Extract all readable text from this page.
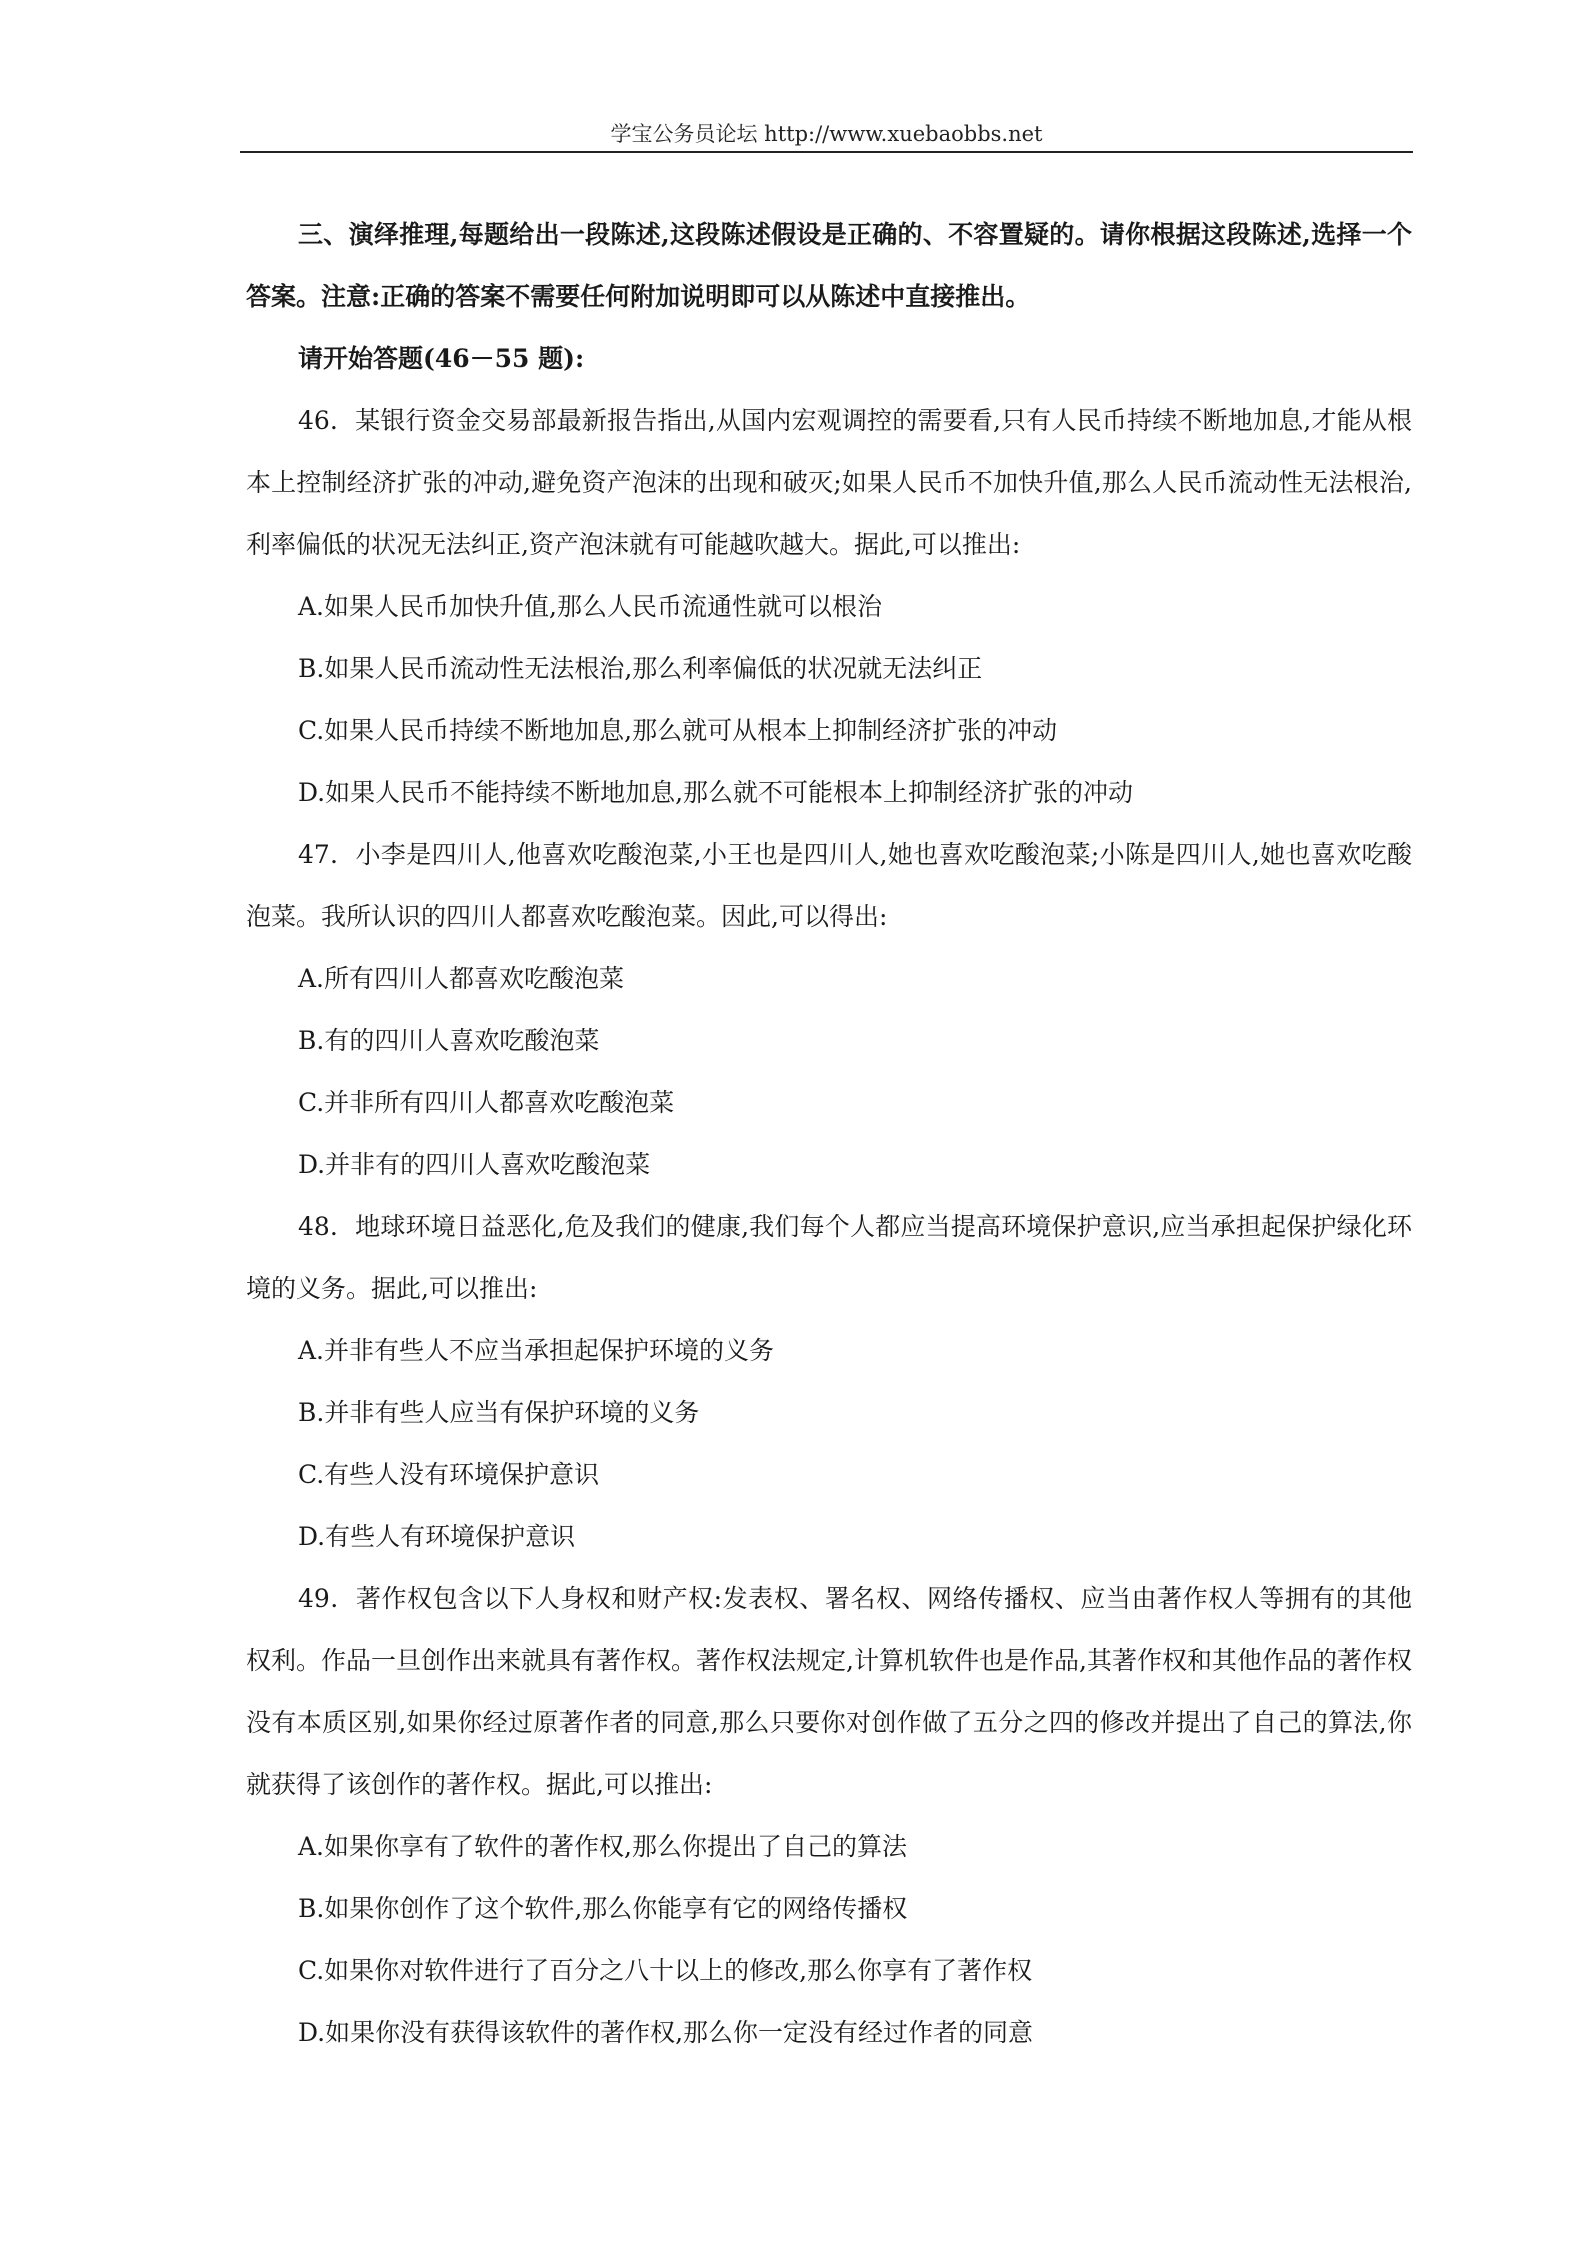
学宝公务员论坛 http://www.xuebaobbs.net

三、演绎推理,每题给出一段陈述,这段陈述假设是正确的、不容置疑的。请你根据这段陈述,选择一个答案。注意:正确的答案不需要任何附加说明即可以从陈述中直接推出。

请开始答题(46－55 题):

46．某银行资金交易部最新报告指出,从国内宏观调控的需要看,只有人民币持续不断地加息,才能从根本上控制经济扩张的冲动,避免资产泡沫的出现和破灭;如果人民币不加快升值,那么人民币流动性无法根治,利率偏低的状况无法纠正,资产泡沫就有可能越吹越大。据此,可以推出:

A.如果人民币加快升值,那么人民币流通性就可以根治

B.如果人民币流动性无法根治,那么利率偏低的状况就无法纠正

C.如果人民币持续不断地加息,那么就可从根本上抑制经济扩张的冲动

D.如果人民币不能持续不断地加息,那么就不可能根本上抑制经济扩张的冲动

47．小李是四川人,他喜欢吃酸泡菜,小王也是四川人,她也喜欢吃酸泡菜;小陈是四川人,她也喜欢吃酸泡菜。我所认识的四川人都喜欢吃酸泡菜。因此,可以得出:

A.所有四川人都喜欢吃酸泡菜

B.有的四川人喜欢吃酸泡菜

C.并非所有四川人都喜欢吃酸泡菜

D.并非有的四川人喜欢吃酸泡菜

48．地球环境日益恶化,危及我们的健康,我们每个人都应当提高环境保护意识,应当承担起保护绿化环境的义务。据此,可以推出:

A.并非有些人不应当承担起保护环境的义务

B.并非有些人应当有保护环境的义务

C.有些人没有环境保护意识

D.有些人有环境保护意识

49．著作权包含以下人身权和财产权:发表权、署名权、网络传播权、应当由著作权人等拥有的其他权利。作品一旦创作出来就具有著作权。著作权法规定,计算机软件也是作品,其著作权和其他作品的著作权没有本质区别,如果你经过原著作者的同意,那么只要你对创作做了五分之四的修改并提出了自己的算法,你就获得了该创作的著作权。据此,可以推出:

A.如果你享有了软件的著作权,那么你提出了自己的算法

B.如果你创作了这个软件,那么你能享有它的网络传播权

C.如果你对软件进行了百分之八十以上的修改,那么你享有了著作权

D.如果你没有获得该软件的著作权,那么你一定没有经过作者的同意
